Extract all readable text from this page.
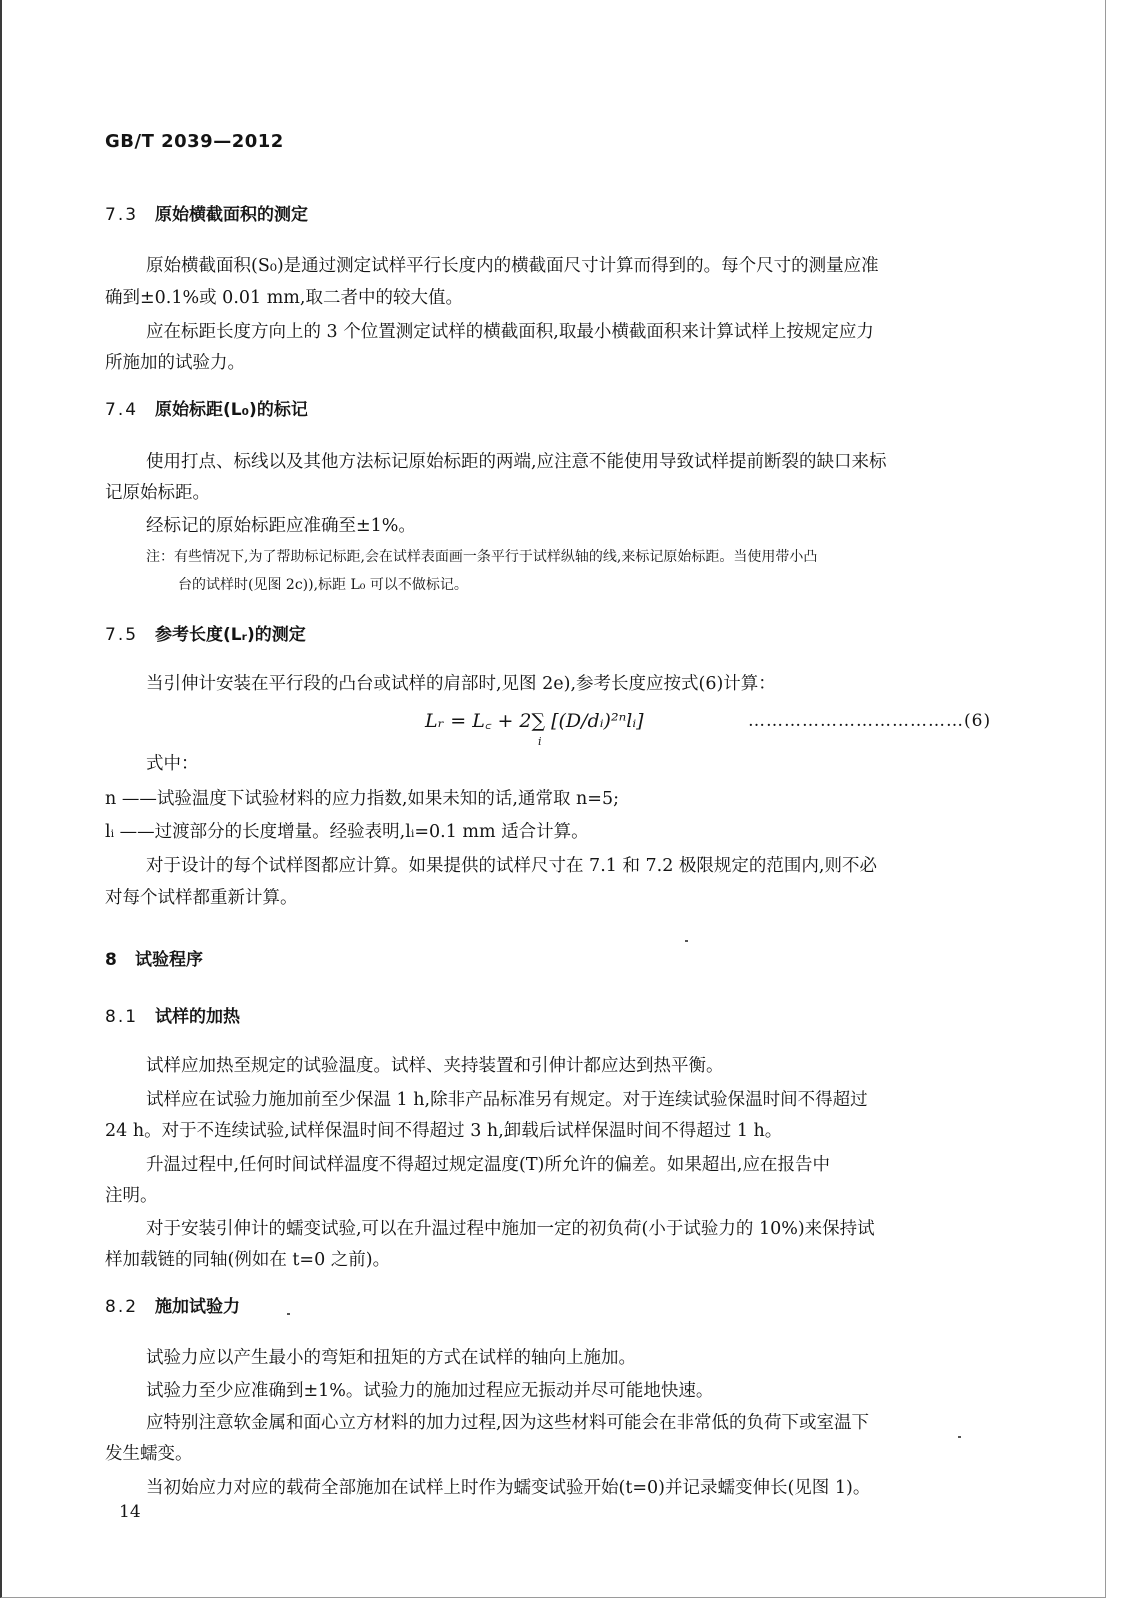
GB/T 2039—2012
7.3 原始横截面积的测定
原始横截面积(S₀)是通过测定试样平行长度内的横截面尺寸计算而得到的。每个尺寸的测量应准
确到±0.1%或 0.01 mm,取二者中的较大值。
应在标距长度方向上的 3 个位置测定试样的横截面积,取最小横截面积来计算试样上按规定应力
所施加的试验力。
7.4 原始标距(L₀)的标记
使用打点、标线以及其他方法标记原始标距的两端,应注意不能使用导致试样提前断裂的缺口来标
记原始标距。
经标记的原始标距应准确至±1%。
注：有些情况下,为了帮助标记标距,会在试样表面画一条平行于试样纵轴的线,来标记原始标距。当使用带小凸
台的试样时(见图 2c)),标距 L₀ 可以不做标记。
7.5 参考长度(Lᵣ)的测定
当引伸计安装在平行段的凸台或试样的肩部时,见图 2e),参考长度应按式(6)计算：
Lᵣ = L꜀ + 2∑ [(D/dᵢ)²ⁿlᵢ]
i
………………………………(6)
式中：
n ——试验温度下试验材料的应力指数,如果未知的话,通常取 n=5;
lᵢ ——过渡部分的长度增量。经验表明,lᵢ=0.1 mm 适合计算。
对于设计的每个试样图都应计算。如果提供的试样尺寸在 7.1 和 7.2 极限规定的范围内,则不必
对每个试样都重新计算。
8 试验程序
8.1 试样的加热
试样应加热至规定的试验温度。试样、夹持装置和引伸计都应达到热平衡。
试样应在试验力施加前至少保温 1 h,除非产品标准另有规定。对于连续试验保温时间不得超过
24 h。对于不连续试验,试样保温时间不得超过 3 h,卸载后试样保温时间不得超过 1 h。
升温过程中,任何时间试样温度不得超过规定温度(T)所允许的偏差。如果超出,应在报告中
注明。
对于安装引伸计的蠕变试验,可以在升温过程中施加一定的初负荷(小于试验力的 10%)来保持试
样加载链的同轴(例如在 t=0 之前)。
8.2 施加试验力
试验力应以产生最小的弯矩和扭矩的方式在试样的轴向上施加。
试验力至少应准确到±1%。试验力的施加过程应无振动并尽可能地快速。
应特别注意软金属和面心立方材料的加力过程,因为这些材料可能会在非常低的负荷下或室温下
发生蠕变。
当初始应力对应的载荷全部施加在试样上时作为蠕变试验开始(t=0)并记录蠕变伸长(见图 1)。
14
